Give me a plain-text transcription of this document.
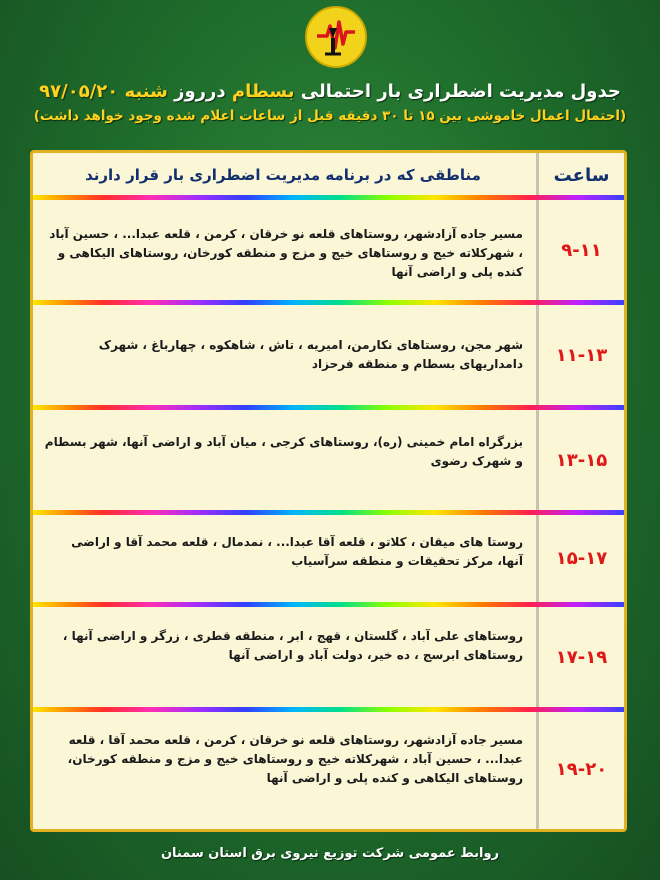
جدول مدیریت اضطراری بار احتمالی بسطام درروز شنبه ۹۷/۰۵/۲۰
(احتمال اعمال خاموشی بین ۱۵ تا ۳۰ دقیقه قبل از ساعات اعلام شده وجود خواهد داشت)
ساعت
مناطقی که در برنامه مدیریت اضطراری بار قرار دارند
۹-۱۱
مسیر جاده آزادشهر، روستاهای قلعه نو خرقان ، کرمن ، قلعه عبدا... ، حسین آباد ، شهرکلاته خیج و روستاهای خیج و مزج و منطقه کورخان، روستاهای الیکاهی و کنده پلی و اراضی آنها
۱۱-۱۳
شهر مجن، روستاهای نکارمن، امیریه ، تاش ، شاهکوه ، چهارباغ ، شهرک دامداریهای بسطام و منطقه فرحزاد
۱۳-۱۵
بزرگراه امام خمینی (ره)، روستاهای کرجی ، میان آباد و اراضی آنها، شهر بسطام و شهرک رضوی
۱۵-۱۷
روستا های میقان ، کلاتو ، قلعه آقا عبدا... ، نمدمال ، قلعه محمد آقا و اراضی آنها، مرکز تحقیقات و منطقه سرآسیاب
۱۷-۱۹
روستاهای علی آباد ، گلستان ، قهج ، ابر ، منطقه قطری ، زرگر و اراضی آنها ، روستاهای ابرسج ، ده خیر، دولت آباد و اراضی آنها
۱۹-۲۰
مسیر جاده آزادشهر، روستاهای قلعه نو خرقان ، کرمن ، قلعه محمد آقا ، قلعه عبدا... ، حسین آباد ، شهرکلاته خیج و روستاهای خیج و مزج و منطقه کورخان، روستاهای الیکاهی و کنده پلی و اراضی آنها
روابط عمومی شرکت توزیع نیروی برق استان سمنان
